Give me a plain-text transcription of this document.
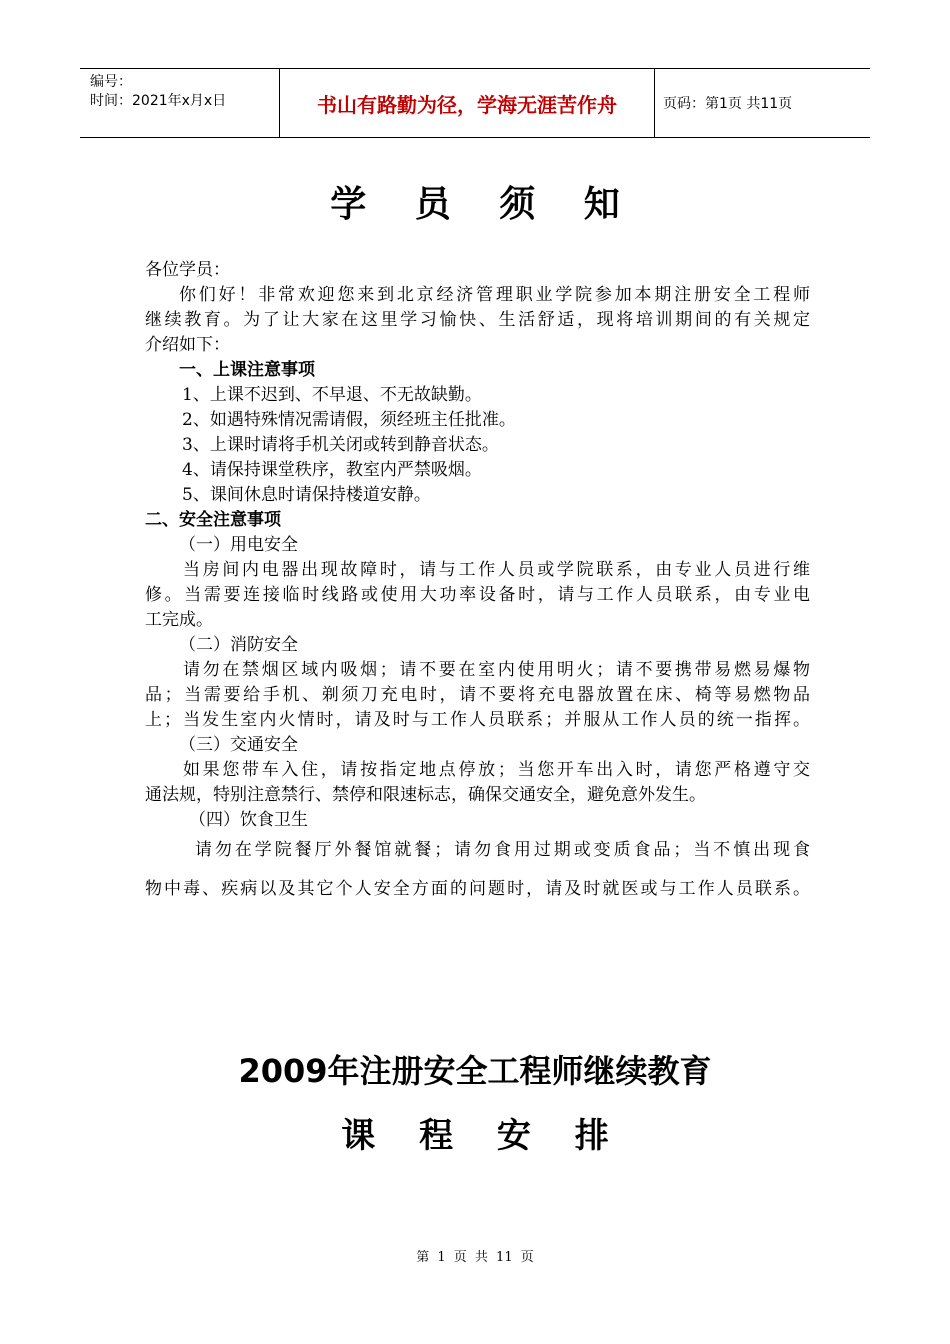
编号：
时间：2021年x月x日	书山有路勤为径，学海无涯苦作舟	页码：第1页 共11页
学 员 须 知
各位学员：
你们好！非常欢迎您来到北京经济管理职业学院参加本期注册安全工程师
继续教育。为了让大家在这里学习愉快、生活舒适，现将培训期间的有关规定
介绍如下：
一、上课注意事项
1、上课不迟到、不早退、不无故缺勤。
2、如遇特殊情况需请假，须经班主任批准。
3、上课时请将手机关闭或转到静音状态。
4、请保持课堂秩序，教室内严禁吸烟。
5、课间休息时请保持楼道安静。
二、安全注意事项
（一）用电安全
当房间内电器出现故障时，请与工作人员或学院联系，由专业人员进行维
修。当需要连接临时线路或使用大功率设备时，请与工作人员联系，由专业电
工完成。
（二）消防安全
请勿在禁烟区域内吸烟；请不要在室内使用明火；请不要携带易燃易爆物
品；当需要给手机、剃须刀充电时，请不要将充电器放置在床、椅等易燃物品
上；当发生室内火情时，请及时与工作人员联系；并服从工作人员的统一指挥。
（三）交通安全
如果您带车入住，请按指定地点停放；当您开车出入时，请您严格遵守交
通法规，特别注意禁行、禁停和限速标志，确保交通安全，避免意外发生。
（四）饮食卫生
请勿在学院餐厅外餐馆就餐；请勿食用过期或变质食品；当不慎出现食
物中毒、疾病以及其它个人安全方面的问题时，请及时就医或与工作人员联系。
2009年注册安全工程师继续教育
课 程 安 排
第 1 页 共 11 页
